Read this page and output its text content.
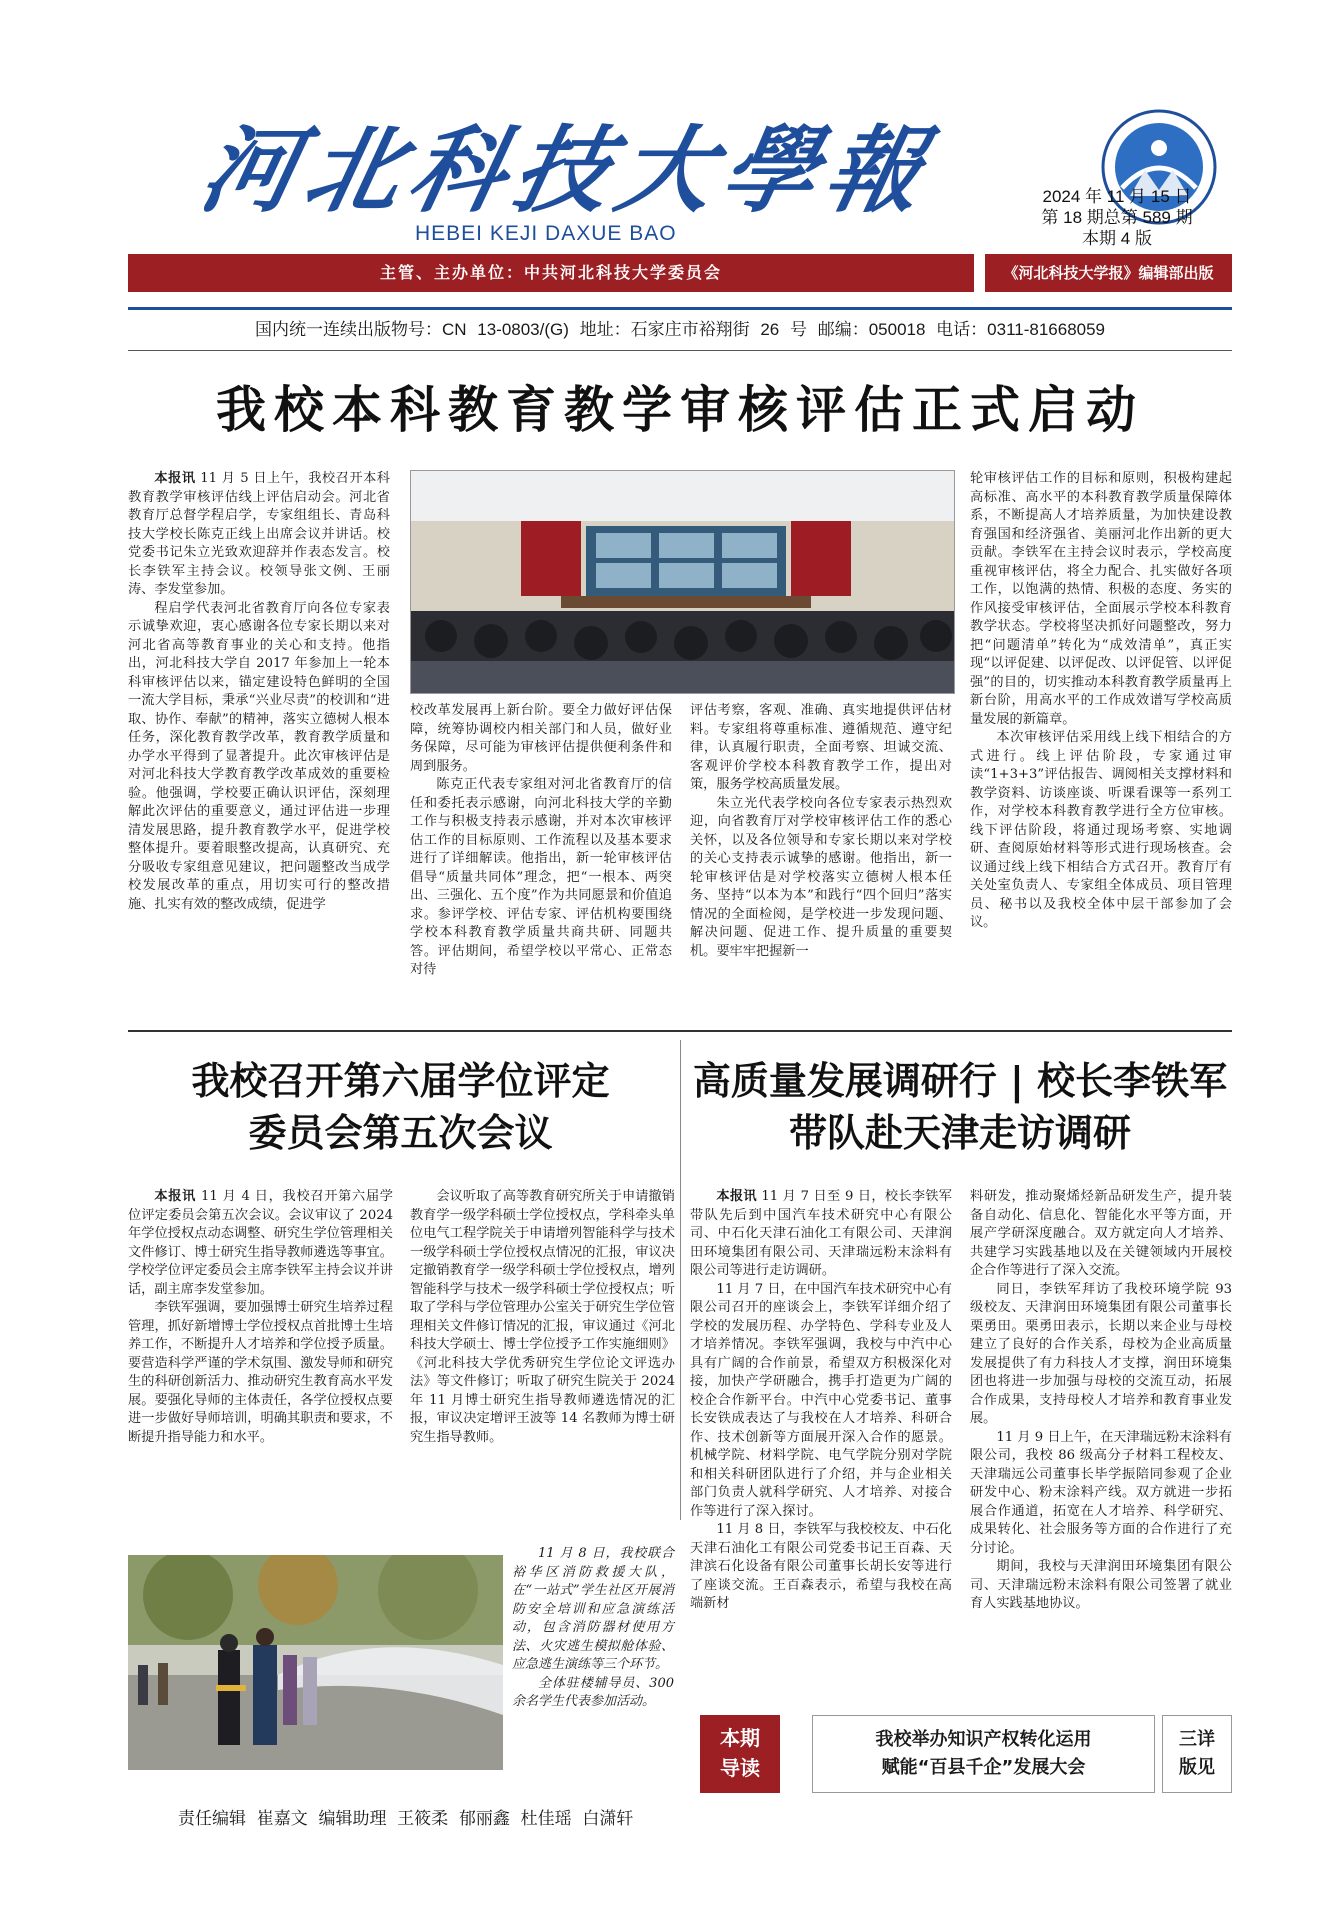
河北科技大學報
HEBEI KEJI DAXUE BAO
2024 年 11 月 15 日
第 18 期总第 589 期
本期 4 版
主管、主办单位：中共河北科技大学委员会	《河北科技大学报》编辑部出版
国内统一连续出版物号：CN 13-0803/(G) 地址：石家庄市裕翔街 26 号 邮编：050018 电话：0311-81668059
我校本科教育教学审核评估正式启动

本报讯 11 月 5 日上午，我校召开本科教育教学审核评估线上评估启动会。河北省教育厅总督学程启学，专家组组长、青岛科技大学校长陈克正线上出席会议并讲话。校党委书记朱立光致欢迎辞并作表态发言。校长李铁军主持会议。校领导张文例、王丽涛、李发堂参加。

程启学代表河北省教育厅向各位专家表示诚挚欢迎，衷心感谢各位专家长期以来对河北省高等教育事业的关心和支持。他指出，河北科技大学自 2017 年参加上一轮本科审核评估以来，锚定建设特色鲜明的全国一流大学目标，秉承“兴业尽责”的校训和“进取、协作、奉献”的精神，落实立德树人根本任务，深化教育教学改革，教育教学质量和办学水平得到了显著提升。此次审核评估是对河北科技大学教育教学改革成效的重要检验。他强调，学校要正确认识评估，深刻理解此次评估的重要意义，通过评估进一步理清发展思路，提升教育教学水平，促进学校整体提升。要着眼整改提高，认真研究、充分吸收专家组意见建议，把问题整改当成学校发展改革的重点，用切实可行的整改措施、扎实有效的整改成绩，促进学

校改革发展再上新台阶。要全力做好评估保障，统筹协调校内相关部门和人员，做好业务保障，尽可能为审核评估提供便利条件和周到服务。

陈克正代表专家组对河北省教育厅的信任和委托表示感谢，向河北科技大学的辛勤工作与积极支持表示感谢，并对本次审核评估工作的目标原则、工作流程以及基本要求进行了详细解读。他指出，新一轮审核评估倡导“质量共同体”理念，把“一根本、两突出、三强化、五个度”作为共同愿景和价值追求。参评学校、评估专家、评估机构要围绕学校本科教育教学质量共商共研、同题共答。评估期间，希望学校以平常心、正常态对待

评估考察，客观、准确、真实地提供评估材料。专家组将尊重标准、遵循规范、遵守纪律，认真履行职责，全面考察、坦诚交流、客观评价学校本科教育教学工作，提出对策，服务学校高质量发展。

朱立光代表学校向各位专家表示热烈欢迎，向省教育厅对学校审核评估工作的悉心关怀，以及各位领导和专家长期以来对学校的关心支持表示诚挚的感谢。他指出，新一轮审核评估是对学校落实立德树人根本任务、坚持“以本为本”和践行“四个回归”落实情况的全面检阅，是学校进一步发现问题、解决问题、促进工作、提升质量的重要契机。要牢牢把握新一

轮审核评估工作的目标和原则，积极构建起高标准、高水平的本科教育教学质量保障体系，不断提高人才培养质量，为加快建设教育强国和经济强省、美丽河北作出新的更大贡献。李铁军在主持会议时表示，学校高度重视审核评估，将全力配合、扎实做好各项工作，以饱满的热情、积极的态度、务实的作风接受审核评估，全面展示学校本科教育教学状态。学校将坚决抓好问题整改，努力把“问题清单”转化为“成效清单”，真正实现“以评促建、以评促改、以评促管、以评促强”的目的，切实推动本科教育教学质量再上新台阶，用高水平的工作成效谱写学校高质量发展的新篇章。

本次审核评估采用线上线下相结合的方式进行。线上评估阶段，专家通过审读“1+3+3”评估报告、调阅相关支撑材料和教学资料、访谈座谈、听课看课等一系列工作，对学校本科教育教学进行全方位审核。线下评估阶段，将通过现场考察、实地调研、查阅原始材料等形式进行现场核查。会议通过线上线下相结合方式召开。教育厅有关处室负责人、专家组全体成员、项目管理员、秘书以及我校全体中层干部参加了会议。

我校召开第六届学位评定
委员会第五次会议

本报讯 11 月 4 日，我校召开第六届学位评定委员会第五次会议。会议审议了 2024 年学位授权点动态调整、研究生学位管理相关文件修订、博士研究生指导教师遴选等事宜。学校学位评定委员会主席李铁军主持会议并讲话，副主席李发堂参加。

李铁军强调，要加强博士研究生培养过程管理，抓好新增博士学位授权点首批博士生培养工作，不断提升人才培养和学位授予质量。要营造科学严谨的学术氛围、激发导师和研究生的科研创新活力、推动研究生教育高水平发展。要强化导师的主体责任，各学位授权点要进一步做好导师培训，明确其职责和要求，不断提升指导能力和水平。

会议听取了高等教育研究所关于申请撤销教育学一级学科硕士学位授权点，学科牵头单位电气工程学院关于申请增列智能科学与技术一级学科硕士学位授权点情况的汇报，审议决定撤销教育学一级学科硕士学位授权点，增列智能科学与技术一级学科硕士学位授权点；听取了学科与学位管理办公室关于研究生学位管理相关文件修订情况的汇报，审议通过《河北科技大学硕士、博士学位授予工作实施细则》《河北科技大学优秀研究生学位论文评选办法》等文件修订；听取了研究生院关于 2024 年 11 月博士研究生指导教师遴选情况的汇报，审议决定增评王波等 14 名教师为博士研究生指导教师。

11 月 8 日，我校联合裕华区消防救援大队，在“一站式”学生社区开展消防安全培训和应急演练活动，包含消防器材使用方法、火灾逃生模拟舱体验、应急逃生演练等三个环节。
全体驻楼辅导员、300 余名学生代表参加活动。
高质量发展调研行 | 校长李铁军
带队赴天津走访调研

本报讯 11 月 7 日至 9 日，校长李铁军带队先后到中国汽车技术研究中心有限公司、中石化天津石油化工有限公司、天津润田环境集团有限公司、天津瑞远粉末涂料有限公司等进行走访调研。

11 月 7 日，在中国汽车技术研究中心有限公司召开的座谈会上，李铁军详细介绍了学校的发展历程、办学特色、学科专业及人才培养情况。李铁军强调，我校与中汽中心具有广阔的合作前景，希望双方积极深化对接，加快产学研融合，携手打造更为广阔的校企合作新平台。中汽中心党委书记、董事长安铁成表达了与我校在人才培养、科研合作、技术创新等方面展开深入合作的愿景。机械学院、材料学院、电气学院分别对学院和相关科研团队进行了介绍，并与企业相关部门负责人就科学研究、人才培养、对接合作等进行了深入探讨。

11 月 8 日，李铁军与我校校友、中石化天津石油化工有限公司党委书记王百森、天津滨石化设备有限公司董事长胡长安等进行了座谈交流。王百森表示，希望与我校在高端新材

料研发，推动聚烯烃新品研发生产，提升装备自动化、信息化、智能化水平等方面，开展产学研深度融合。双方就定向人才培养、共建学习实践基地以及在关键领域内开展校企合作等进行了深入交流。

同日，李铁军拜访了我校环境学院 93 级校友、天津润田环境集团有限公司董事长栗勇田。栗勇田表示，长期以来企业与母校建立了良好的合作关系，母校为企业高质量发展提供了有力科技人才支撑，润田环境集团也将进一步加强与母校的交流互动，拓展合作成果，支持母校人才培养和教育事业发展。

11 月 9 日上午，在天津瑞远粉末涂料有限公司，我校 86 级高分子材料工程校友、天津瑞远公司董事长毕学振陪同参观了企业研发中心、粉末涂料产线。双方就进一步拓展合作通道，拓宽在人才培养、科学研究、成果转化、社会服务等方面的合作进行了充分讨论。

期间，我校与天津润田环境集团有限公司、天津瑞远粉末涂料有限公司签署了就业育人实践基地协议。

本期
导读
我校举办知识产权转化运用
赋能“百县千企”发展大会
三详
版见
责任编辑 崔嘉文 编辑助理 王筱柔 郁丽鑫 杜佳瑶 白潇轩
